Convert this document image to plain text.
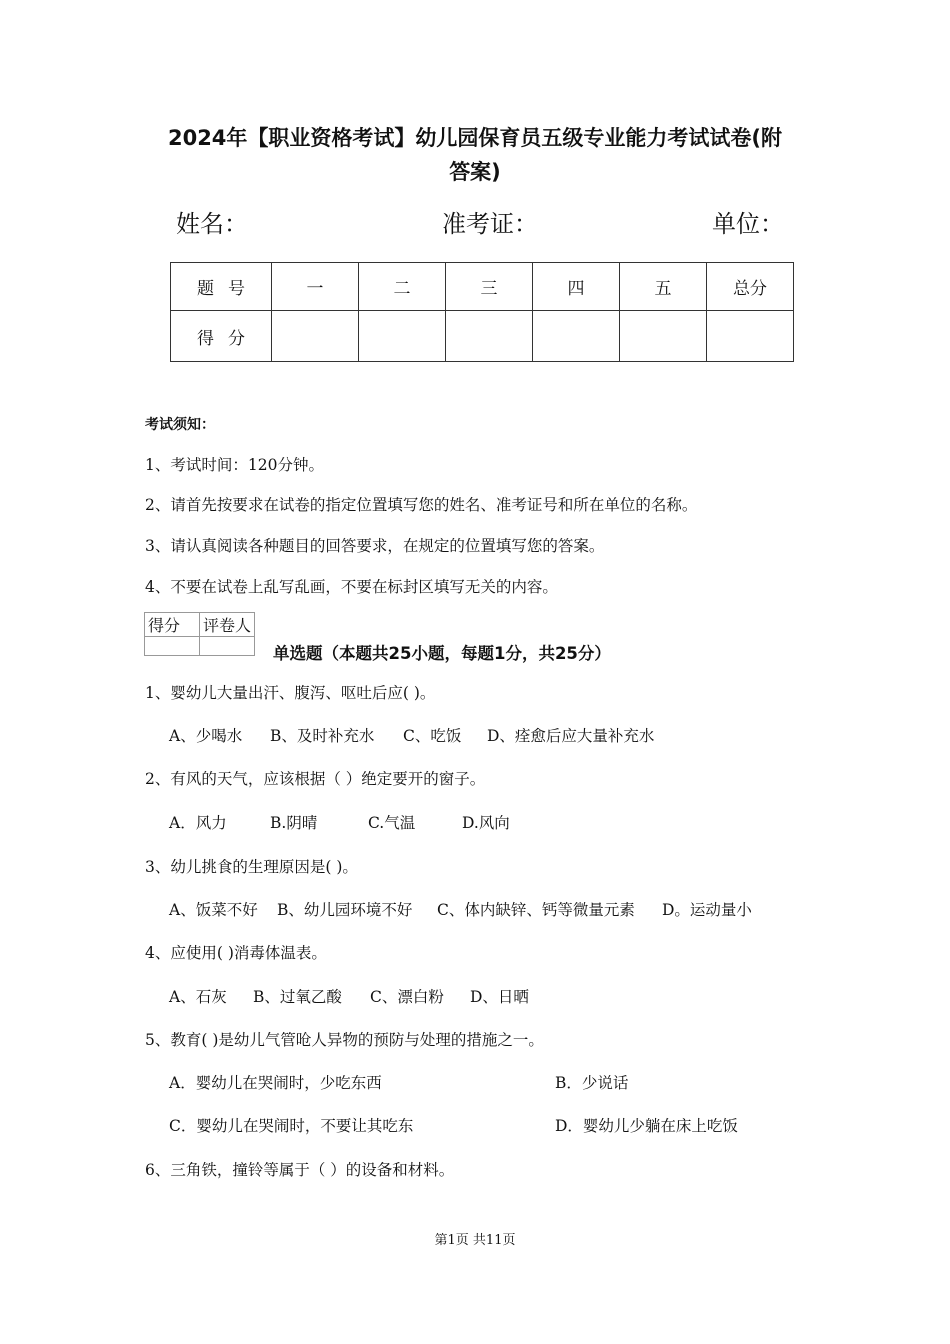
2024年【职业资格考试】幼儿园保育员五级专业能力考试试卷(附
答案)
姓名：	准考证：	单位：
题号	一	二	三	四	五	总分
得分						
考试须知：
1、考试时间：120分钟。
2、请首先按要求在试卷的指定位置填写您的姓名、准考证号和所在单位的名称。
3、请认真阅读各种题目的回答要求，在规定的位置填写您的答案。
4、不要在试卷上乱写乱画，不要在标封区填写无关的内容。
得分	评卷人

单选题（本题共25小题，每题1分，共25分）
1、婴幼儿大量出汗、腹泻、呕吐后应( )。
A、少喝水 B、及时补充水 C、吃饭 D、痊愈后应大量补充水
2、有风的天气，应该根据（ ）绝定要开的窗子。
A．风力	B.阴晴	C.气温	D.风向
3、幼儿挑食的生理原因是( )。
A、饭菜不好 B、幼儿园环境不好 C、体内缺锌、钙等微量元素 D。运动量小
4、应使用( )消毒体温表。
A、石灰 B、过氧乙酸 C、漂白粉 D、日晒
5、教育( )是幼儿气管呛人异物的预防与处理的措施之一。
A．婴幼儿在哭闹时，少吃东西	B．少说话
C．婴幼儿在哭闹时，不要让其吃东	D．婴幼儿少躺在床上吃饭
6、三角铁，撞铃等属于（ ）的设备和材料。
第1页 共11页
